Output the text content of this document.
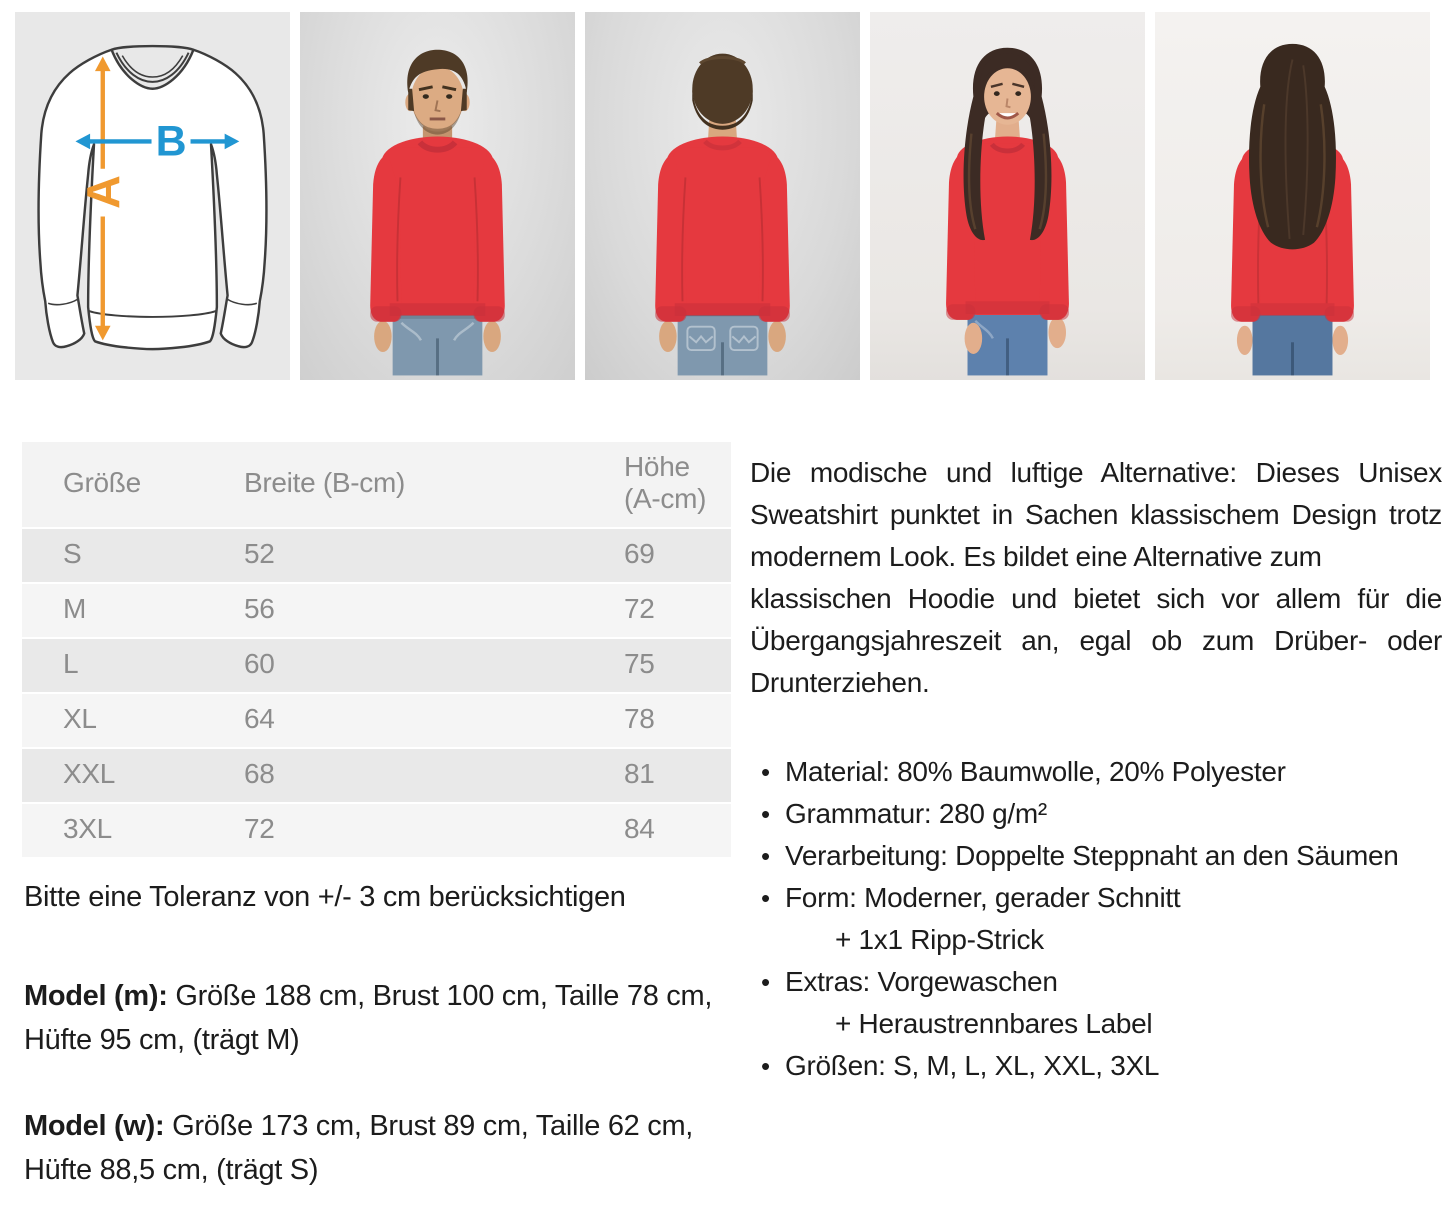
A
B
Größe	Breite (B-cm)	Höhe (A-cm)
S	52	69
M	56	72
L	60	75
XL	64	78
XXL	68	81
3XL	72	84

Bitte eine Toleranz von +/- 3 cm berücksichtigen

Model (m): Größe 188 cm, Brust 100 cm, Taille 78 cm, Hüfte 95 cm, (trägt M)

Model (w): Größe 173 cm, Brust 89 cm, Taille 62 cm, Hüfte 88,5 cm, (trägt S)

Die modische und luftige Alternative: Dieses Unisex Sweatshirt punktet in Sachen klassischem Design trotz modernem Look. Es bildet eine Alternative zum

klassischen Hoodie und bietet sich vor allem für die Übergangsjahreszeit an, egal ob zum Drüber- oder Drunterziehen.

• Material: 80% Baumwolle, 20% Polyester
• Grammatur: 280 g/m²
• Verarbeitung: Doppelte Steppnaht an den Säumen
• Form: Moderner, gerader Schnitt
+ 1x1 Ripp-Strick
• Extras: Vorgewaschen
+ Heraustrennbares Label
• Größen: S, M, L, XL, XXL, 3XL
